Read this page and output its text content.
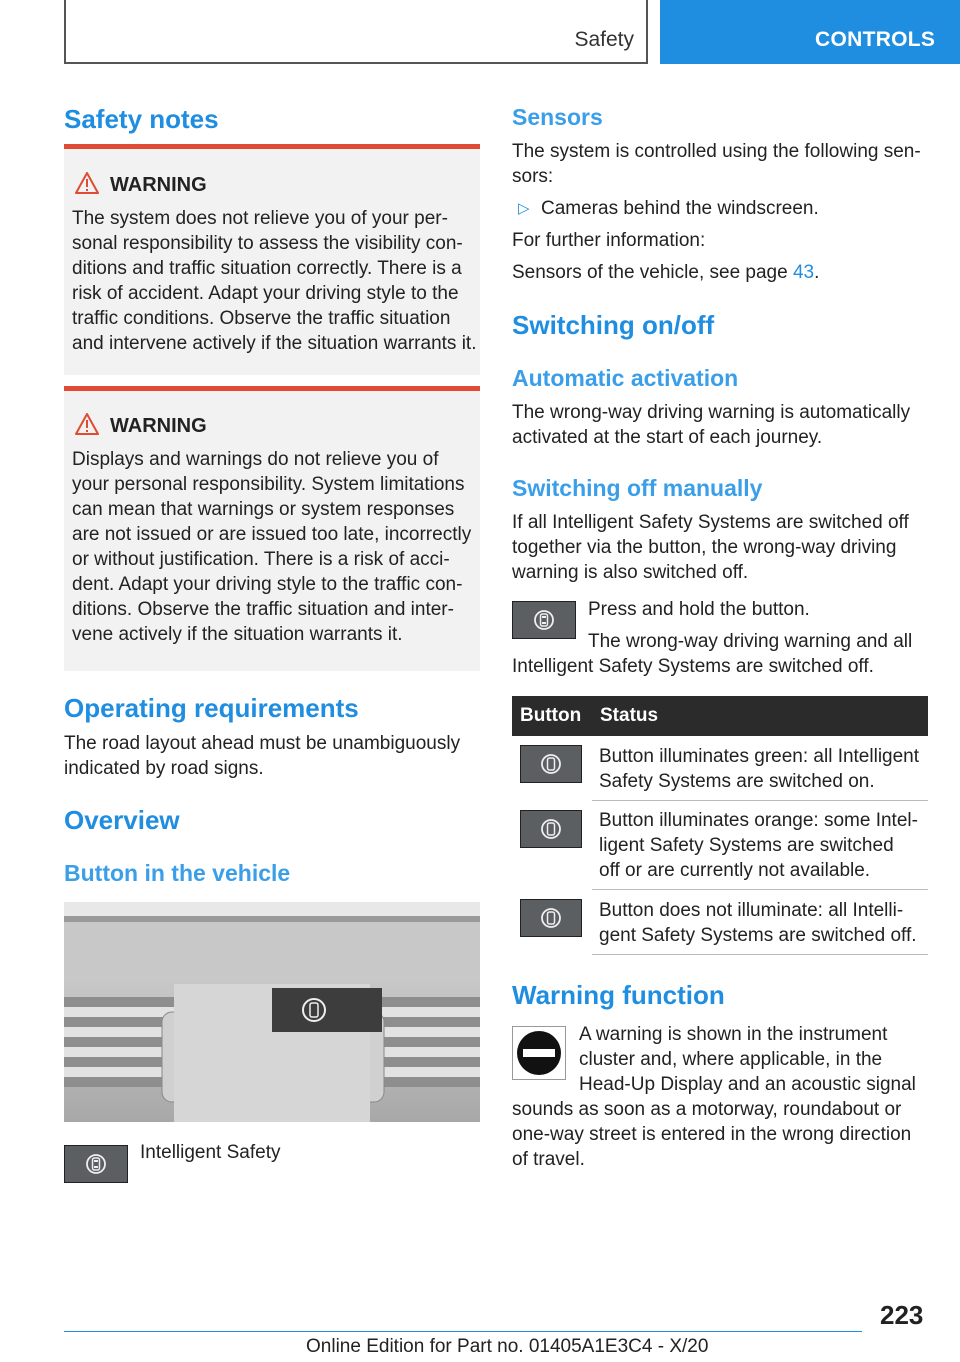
Safety	CONTROLS
Safety notes
WARNING
The system does not relieve you of your per-
sonal responsibility to assess the visibility con-
ditions and traffic situation correctly. There is a
risk of accident. Adapt your driving style to the
traffic conditions. Observe the traffic situation
and intervene actively if the situation warrants it.
WARNING
Displays and warnings do not relieve you of
your personal responsibility. System limitations
can mean that warnings or system responses
are not issued or are issued too late, incorrectly
or without justification. There is a risk of acci-
dent. Adapt your driving style to the traffic con-
ditions. Observe the traffic situation and inter-
vene actively if the situation warrants it.
Operating requirements
The road layout ahead must be unambiguously
indicated by road signs.
Overview
Button in the vehicle
Intelligent Safety
Sensors
The system is controlled using the following sen-
sors:
▷ Cameras behind the windscreen.
For further information:
Sensors of the vehicle, see page 43.
Switching on/off
Automatic activation
The wrong-way driving warning is automatically
activated at the start of each journey.
Switching off manually
If all Intelligent Safety Systems are switched off
together via the button, the wrong-way driving
warning is also switched off.
Press and hold the button.
The wrong-way driving warning and all
Intelligent Safety Systems are switched off.
Button Status
Button illuminates green: all Intelligent
Safety Systems are switched on.
Button illuminates orange: some Intel-
ligent Safety Systems are switched
off or are currently not available.
Button does not illuminate: all Intelli-
gent Safety Systems are switched off.
Warning function
A warning is shown in the instrument
cluster and, where applicable, in the
Head-Up Display and an acoustic signal
sounds as soon as a motorway, roundabout or
one-way street is entered in the wrong direction
of travel.
223
Online Edition for Part no. 01405A1E3C4 - X/20
